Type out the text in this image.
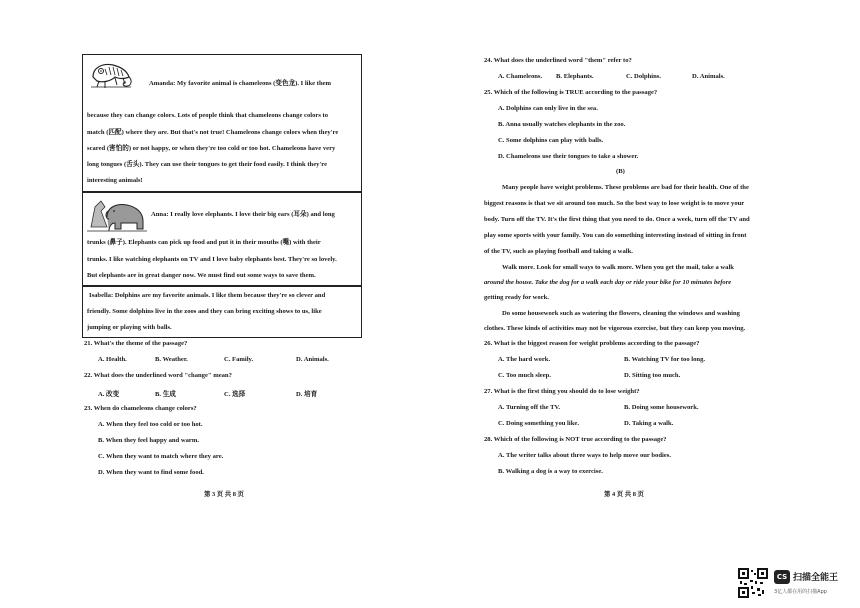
Amanda: My favorite animal is chameleons (变色龙). I like them
because they can change colors. Lots of people think that chameleons change colors to
match (匹配) where they are. But that's not true! Chameleons change colors when they're
scared (害怕的) or not happy, or when they're too cold or too hot. Chameleons have very
long tongues (舌头). They can use their tongues to get their food easily. I think they're
interesting animals!
Anna: I really love elephants. I love their big ears (耳朵) and long
trunks (鼻子). Elephants can pick up food and put it in their mouths (嘴) with their
trunks. I like watching elephants on TV and I love baby elephants best. They're so lovely.
But elephants are in great danger now. We must find out some ways to save them.
Isabella: Dolphins are my favorite animals. I like them because they're so clever and
friendly. Some dolphins live in the zoos and they can bring exciting shows to us, like
jumping or playing with balls.
21. What's the theme of the passage?
A. Health.	B. Weather.	C. Family.	D. Animals.
22. What does the underlined word "change" mean?
A. 改变	B. 生成	C. 选择	D. 培育
23. When do chameleons change colors?
A. When they feel too cold or too hot.
B. When they feel happy and warm.
C. When they want to match where they are.
D. When they want to find some food.
第 3 页 共 8 页
24. What does the underlined word "them" refer to?
A. Chameleons. B. Elephants.	C. Dolphins.	D. Animals.
25. Which of the following is TRUE according to the passage?
A. Dolphins can only live in the sea.
B. Anna usually watches elephants in the zoo.
C. Some dolphins can play with balls.
D. Chameleons use their tongues to take a shower.
(B)
Many people have weight problems. These problems are bad for their health. One of the
biggest reasons is that we sit around too much. So the best way to lose weight is to move your
body. Turn off the TV. It's the first thing that you need to do. Once a week, turn off the TV and
play some sports with your family. You can do something interesting instead of sitting in front
of the TV, such as playing football and taking a walk.
Walk more. Look for small ways to walk more. When you get the mail, take a walk
around the house. Take the dog for a walk each day or ride your bike for 10 minutes before
getting ready for work.
Do some housework such as watering the flowers, cleaning the windows and washing
clothes. These kinds of activities may not be vigorous exercise, but they can keep you moving.
26. What is the biggest reason for weight problems according to the passage?
A. The hard work.	B. Watching TV for too long.
C. Too much sleep.	D. Sitting too much.
27. What is the first thing you should do to lose weight?
A. Turning off the TV.	B. Doing some housework.
C. Doing something you like.	D. Taking a walk.
28. Which of the following is NOT true according to the passage?
A. The writer talks about three ways to help move our bodies.
B. Walking a dog is a way to exercise.
第 4 页 共 8 页
CS 扫描全能王
3亿人都在用的扫描App
